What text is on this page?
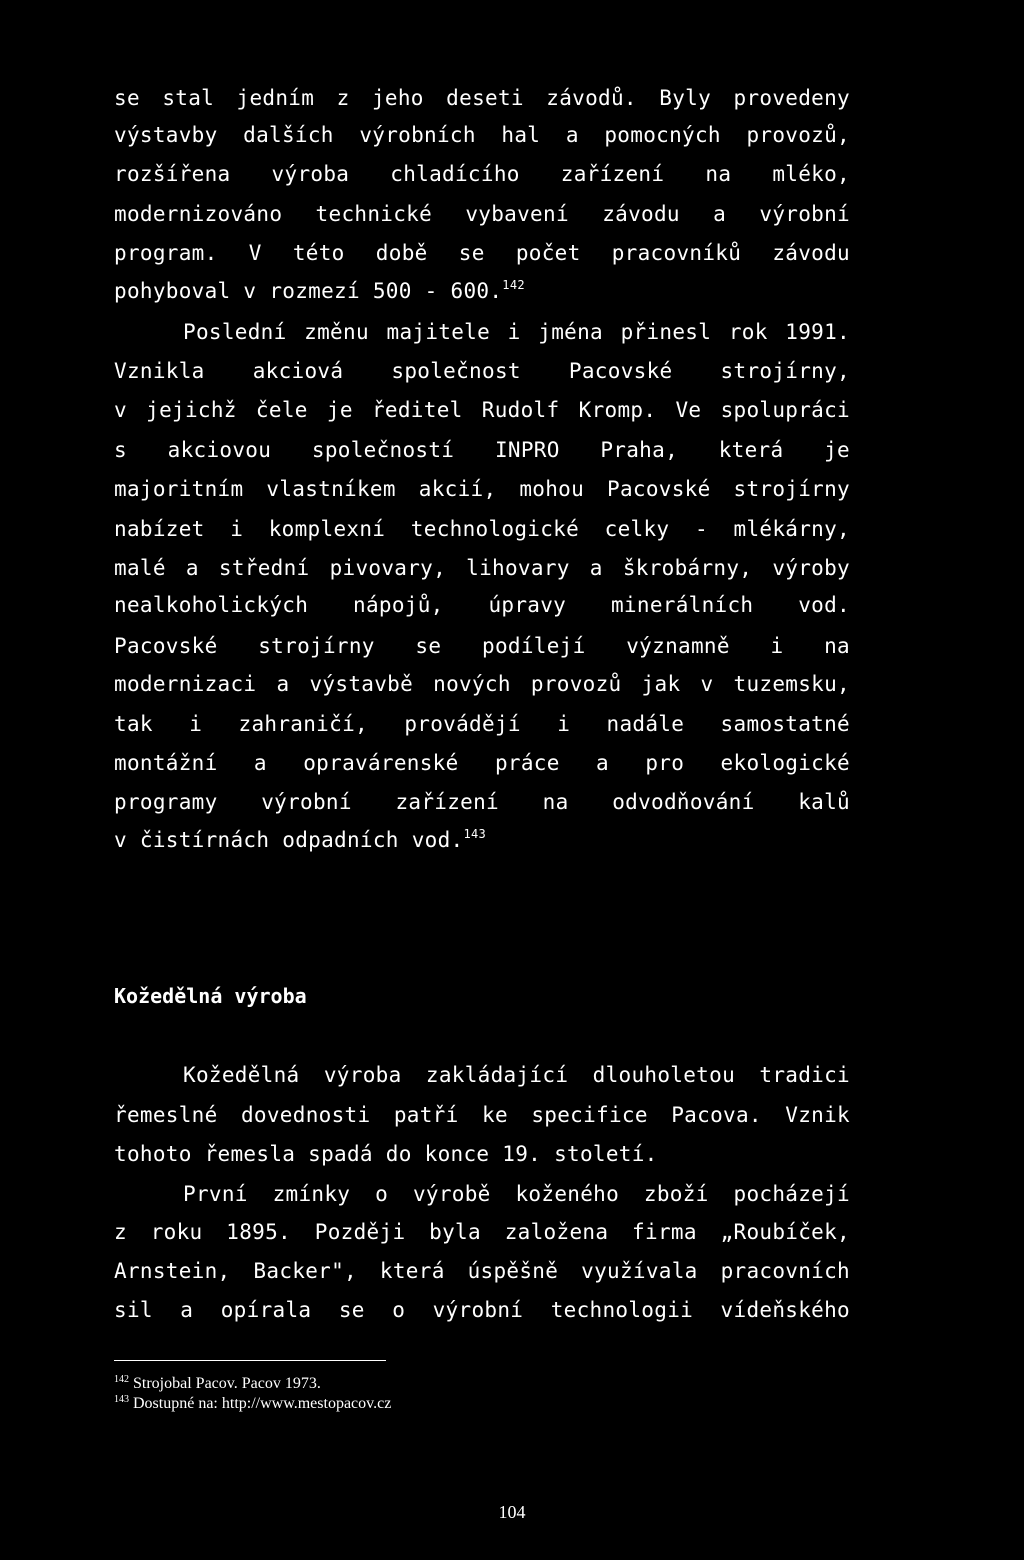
se stal jedním z jeho deseti závodů. Byly provedeny
výstavby dalších výrobních hal a pomocných provozů,
rozšířena výroba chladícího zařízení na mléko,
modernizováno technické vybavení závodu a výrobní
program. V této době se počet pracovníků závodu
pohyboval v rozmezí 500 - 600.$^{142}$
Poslední změnu majitele i jména přinesl rok 1991.
Vznikla akciová společnost Pacovské strojírny,
v jejichž čele je ředitel Rudolf Kromp. Ve spolupráci
s akciovou společností INPRO Praha, která je
majoritním vlastníkem akcií, mohou Pacovské strojírny
nabízet i komplexní technologické celky - mlékárny,
malé a střední pivovary, lihovary a škrobárny, výroby
nealkoholických nápojů, úpravy minerálních vod.
Pacovské strojírny se podílejí významně i na
modernizaci a výstavbě nových provozů jak v tuzemsku,
tak i zahraničí, provádějí i nadále samostatné
montážní a opravárenské práce a pro ekologické
programy výrobní zařízení na odvodňování kalů
v čistírnách odpadních vod.$^{143}$
Kožedělná výroba
Kožedělná výroba zakládající dlouholetou tradici
řemeslné dovednosti patří ke specifice Pacova. Vznik
tohoto řemesla spadá do konce 19. století.
První zmínky o výrobě koženého zboží pocházejí
z roku 1895. Později byla založena firma „Roubíček,
Arnstein, Backer", která úspěšně využívala pracovních
sil a opírala se o výrobní technologii vídeňského
$^{142}$ Strojobal Pacov. Pacov 1973.
$^{143}$ Dostupné na: http://www.mestopacov.cz
104
